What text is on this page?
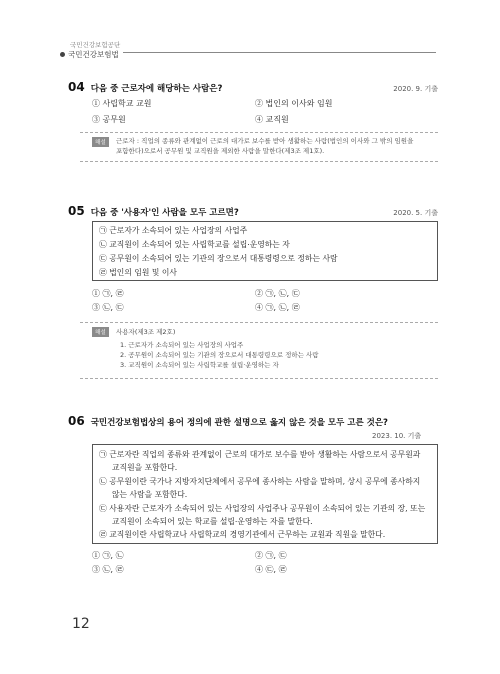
국민건강보험공단
국민건강보험법
04 다음 중 근로자에 해당하는 사람은?	2020. 9. 기출
① 사립학교 교원	② 법인의 이사와 임원
③ 공무원	④ 교직원
해설	근로자 : 직업의 종류와 관계없이 근로의 대가로 보수를 받아 생활하는 사람(법인의 이사와 그 밖의 임원을
포함한다)으로서 공무원 및 교직원을 제외한 사람을 말한다(제3조 제1호).
05 다음 중 '사용자'인 사람을 모두 고르면?	2020. 5. 기출
㉠ 근로자가 소속되어 있는 사업장의 사업주
㉡ 교직원이 소속되어 있는 사립학교를 설립·운영하는 자
㉢ 공무원이 소속되어 있는 기관의 장으로서 대통령령으로 정하는 사람
㉣ 법인의 임원 및 이사
① ㉠, ㉣	② ㉠, ㉡, ㉢
③ ㉡, ㉢	④ ㉠, ㉡, ㉣
해설	사용자(제3조 제2호)
1. 근로자가 소속되어 있는 사업장의 사업주
2. 공무원이 소속되어 있는 기관의 장으로서 대통령령으로 정하는 사람
3. 교직원이 소속되어 있는 사립학교를 설립·운영하는 자
06 국민건강보험법상의 용어 정의에 관한 설명으로 옳지 않은 것을 모두 고른 것은?
2023. 10. 기출
㉠ 근로자란 직업의 종류와 관계없이 근로의 대가로 보수를 받아 생활하는 사람으로서 공무원과
교직원을 포함한다.
㉡ 공무원이란 국가나 지방자치단체에서 공무에 종사하는 사람을 말하며, 상시 공무에 종사하지
않는 사람을 포함한다.
㉢ 사용자란 근로자가 소속되어 있는 사업장의 사업주나 공무원이 소속되어 있는 기관의 장, 또는
교직원이 소속되어 있는 학교를 설립·운영하는 자를 말한다.
㉣ 교직원이란 사립학교나 사립학교의 경영기관에서 근무하는 교원과 직원을 말한다.
① ㉠, ㉡	② ㉠, ㉢
③ ㉡, ㉣	④ ㉢, ㉣
12
